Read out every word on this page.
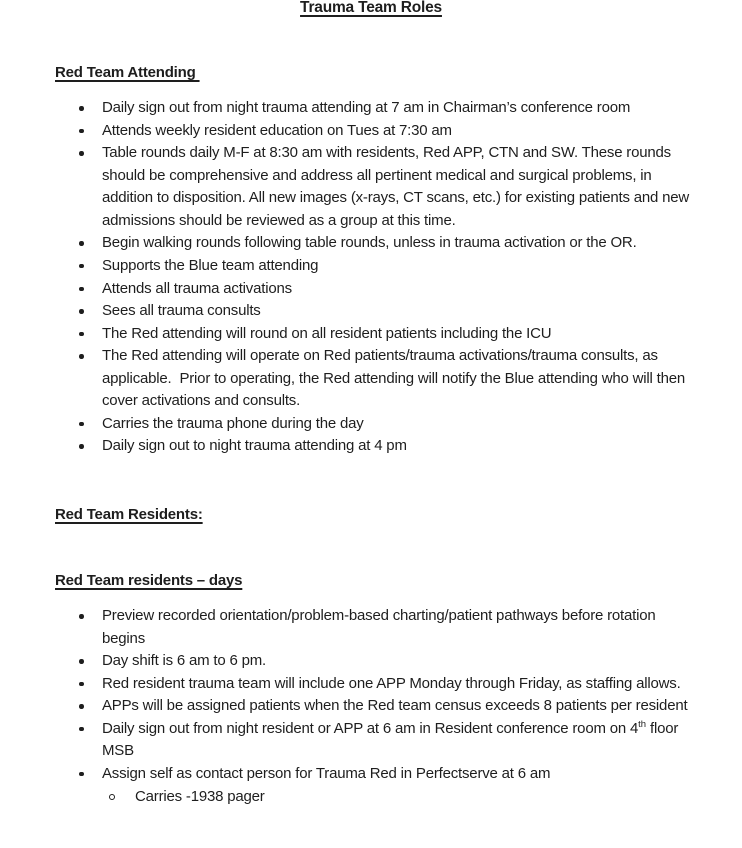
Trauma Team Roles
Red Team Attending
Daily sign out from night trauma attending at 7 am in Chairman’s conference room
Attends weekly resident education on Tues at 7:30 am
Table rounds daily M-F at 8:30 am with residents, Red APP, CTN and SW. These rounds should be comprehensive and address all pertinent medical and surgical problems, in addition to disposition. All new images (x-rays, CT scans, etc.) for existing patients and new admissions should be reviewed as a group at this time.
Begin walking rounds following table rounds, unless in trauma activation or the OR.
Supports the Blue team attending
Attends all trauma activations
Sees all trauma consults
The Red attending will round on all resident patients including the ICU
The Red attending will operate on Red patients/trauma activations/trauma consults, as applicable.  Prior to operating, the Red attending will notify the Blue attending who will then cover activations and consults.
Carries the trauma phone during the day
Daily sign out to night trauma attending at 4 pm
Red Team Residents:
Red Team residents – days
Preview recorded orientation/problem-based charting/patient pathways before rotation begins
Day shift is 6 am to 6 pm.
Red resident trauma team will include one APP Monday through Friday, as staffing allows.
APPs will be assigned patients when the Red team census exceeds 8 patients per resident
Daily sign out from night resident or APP at 6 am in Resident conference room on 4th floor MSB
Assign self as contact person for Trauma Red in Perfectserve at 6 am
Carries -1938 pager
